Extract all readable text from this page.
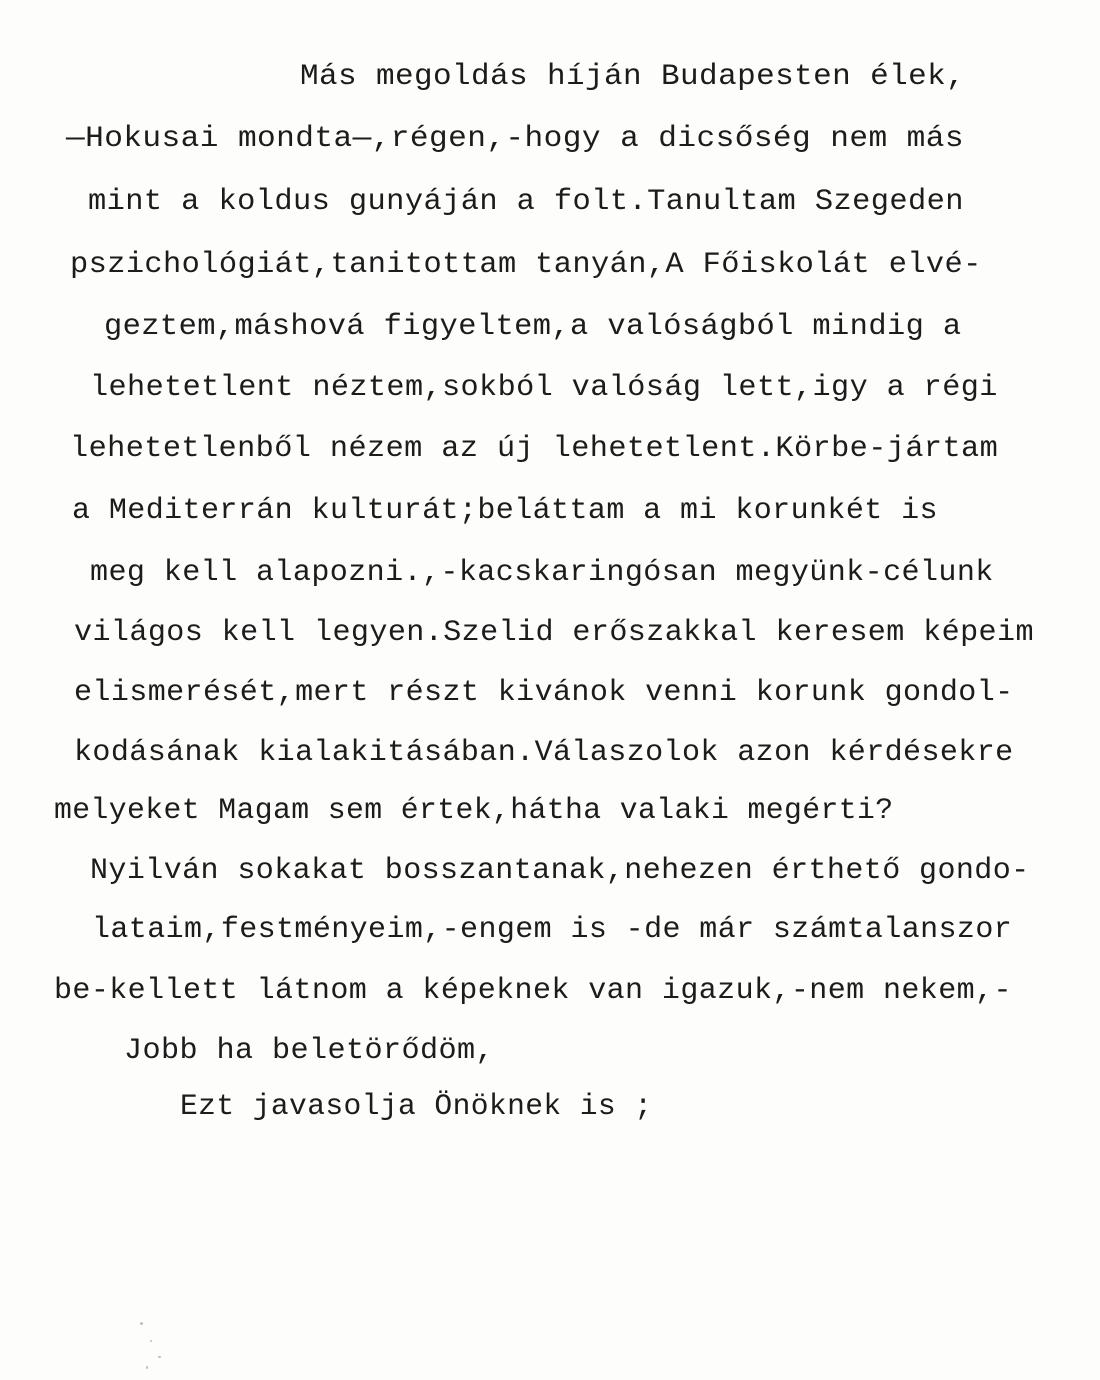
Más megoldás híján Budapesten élek,
—Hokusai mondta—,régen,-hogy a dicsőség nem más
mint a koldus gunyáján a folt.Tanultam Szegeden
pszichológiát,tanitottam tanyán,A Főiskolát elvé-
geztem,máshová figyeltem,a valóságból mindig a
lehetetlent néztem,sokból valóság lett,igy a régi
lehetetlenből nézem az új lehetetlent.Körbe-jártam
a Mediterrán kulturát;beláttam a mi korunkét is
meg kell alapozni.,-kacskaringósan megyünk-célunk
világos kell legyen.Szelid erőszakkal keresem képeim
elismerését,mert részt kivánok venni korunk gondol-
kodásának kialakitásában.Válaszolok azon kérdésekre
melyeket Magam sem értek,hátha valaki megérti?
Nyilván sokakat bosszantanak,nehezen érthető gondo-
lataim,festményeim,-engem is -de már számtalanszor
be-kellett látnom a képeknek van igazuk,-nem nekem,-
Jobb ha beletörődöm,
Ezt javasolja Önöknek is ;
